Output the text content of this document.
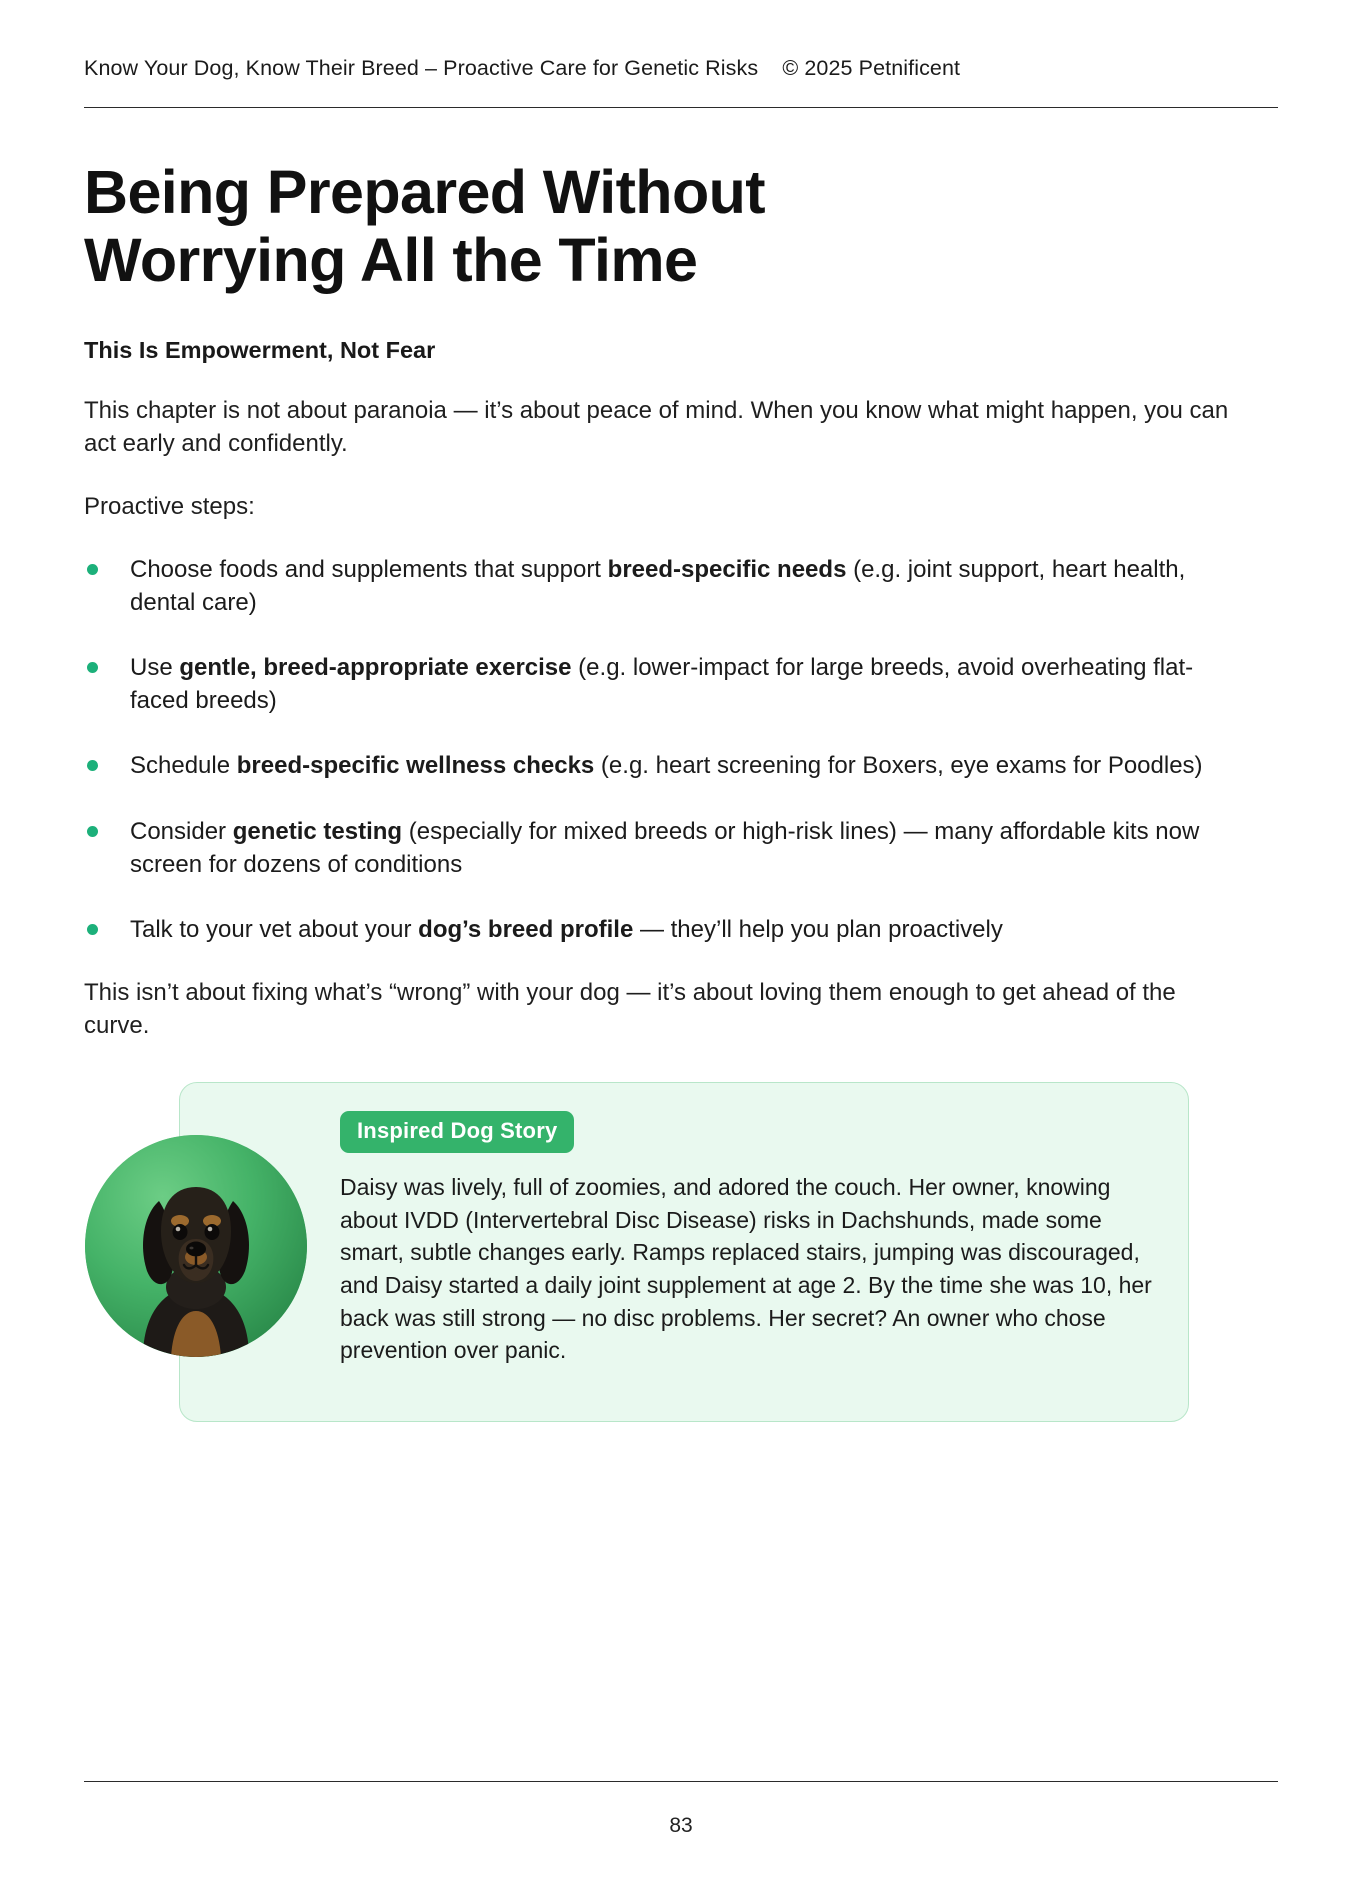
Know Your Dog, Know Their Breed – Proactive Care for Genetic Risks © 2025 Petnificent
Being Prepared Without Worrying All the Time
This Is Empowerment, Not Fear

This chapter is not about paranoia — it’s about peace of mind. When you know what might happen, you can act early and confidently.

Proactive steps:

Choose foods and supplements that support breed-specific needs (e.g. joint support, heart health, dental care)
Use gentle, breed-appropriate exercise (e.g. lower-impact for large breeds, avoid overheating flat-faced breeds)
Schedule breed-specific wellness checks (e.g. heart screening for Boxers, eye exams for Poodles)
Consider genetic testing (especially for mixed breeds or high-risk lines) — many affordable kits now screen for dozens of conditions
Talk to your vet about your dog’s breed profile — they’ll help you plan proactively

This isn’t about fixing what’s “wrong” with your dog — it’s about loving them enough to get ahead of the curve.

Inspired Dog Story

Daisy was lively, full of zoomies, and adored the couch. Her owner, knowing about IVDD (Intervertebral Disc Disease) risks in Dachshunds, made some smart, subtle changes early. Ramps replaced stairs, jumping was discouraged, and Daisy started a daily joint supplement at age 2. By the time she was 10, her back was still strong — no disc problems. Her secret? An owner who chose prevention over panic.

83
